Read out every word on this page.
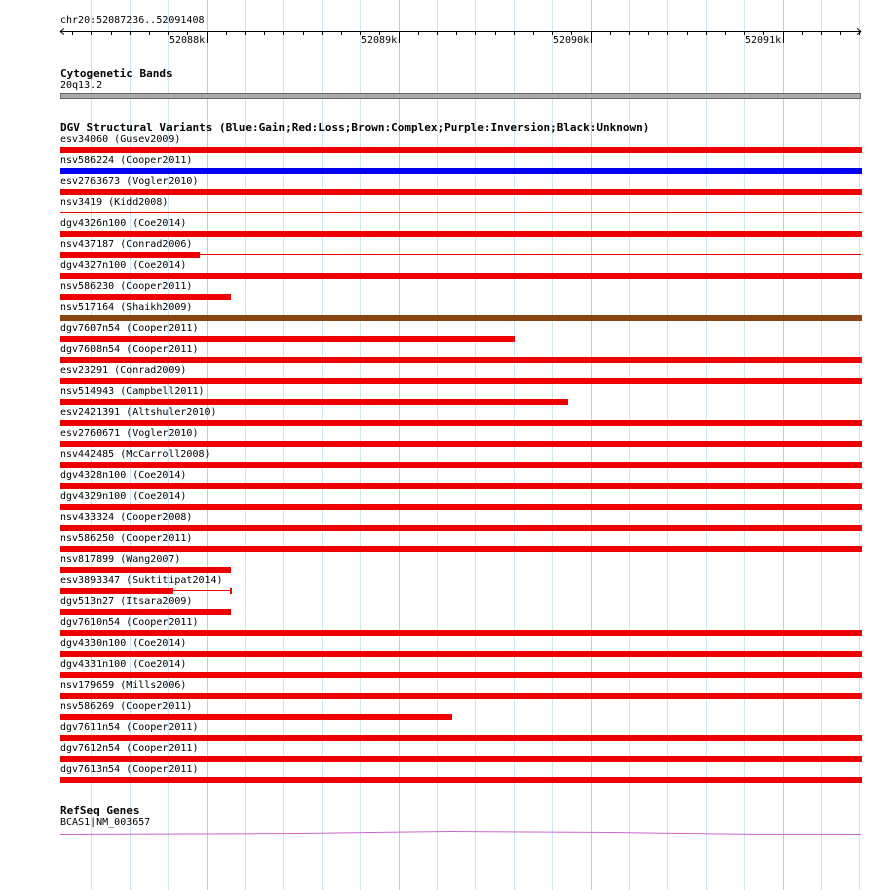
chr20:52087236..52091408
52088k	52089k	52090k	52091k
Cytogenetic Bands
20q13.2
DGV Structural Variants (Blue:Gain;Red:Loss;Brown:Complex;Purple:Inversion;Black:Unknown)
esv34060 (Gusev2009)
nsv586224 (Cooper2011)
esv2763673 (Vogler2010)
nsv3419 (Kidd2008)
dgv4326n100 (Coe2014)
nsv437187 (Conrad2006)
dgv4327n100 (Coe2014)
nsv586230 (Cooper2011)
nsv517164 (Shaikh2009)
dgv7607n54 (Cooper2011)
dgv7608n54 (Cooper2011)
esv23291 (Conrad2009)
nsv514943 (Campbell2011)
esv2421391 (Altshuler2010)
esv2760671 (Vogler2010)
nsv442485 (McCarroll2008)
dgv4328n100 (Coe2014)
dgv4329n100 (Coe2014)
nsv433324 (Cooper2008)
nsv586250 (Cooper2011)
nsv817899 (Wang2007)
esv3893347 (Suktitipat2014)
dgv513n27 (Itsara2009)
dgv7610n54 (Cooper2011)
dgv4330n100 (Coe2014)
dgv4331n100 (Coe2014)
nsv179659 (Mills2006)
nsv586269 (Cooper2011)
dgv7611n54 (Cooper2011)
dgv7612n54 (Cooper2011)
dgv7613n54 (Cooper2011)
RefSeq Genes
BCAS1|NM_003657
